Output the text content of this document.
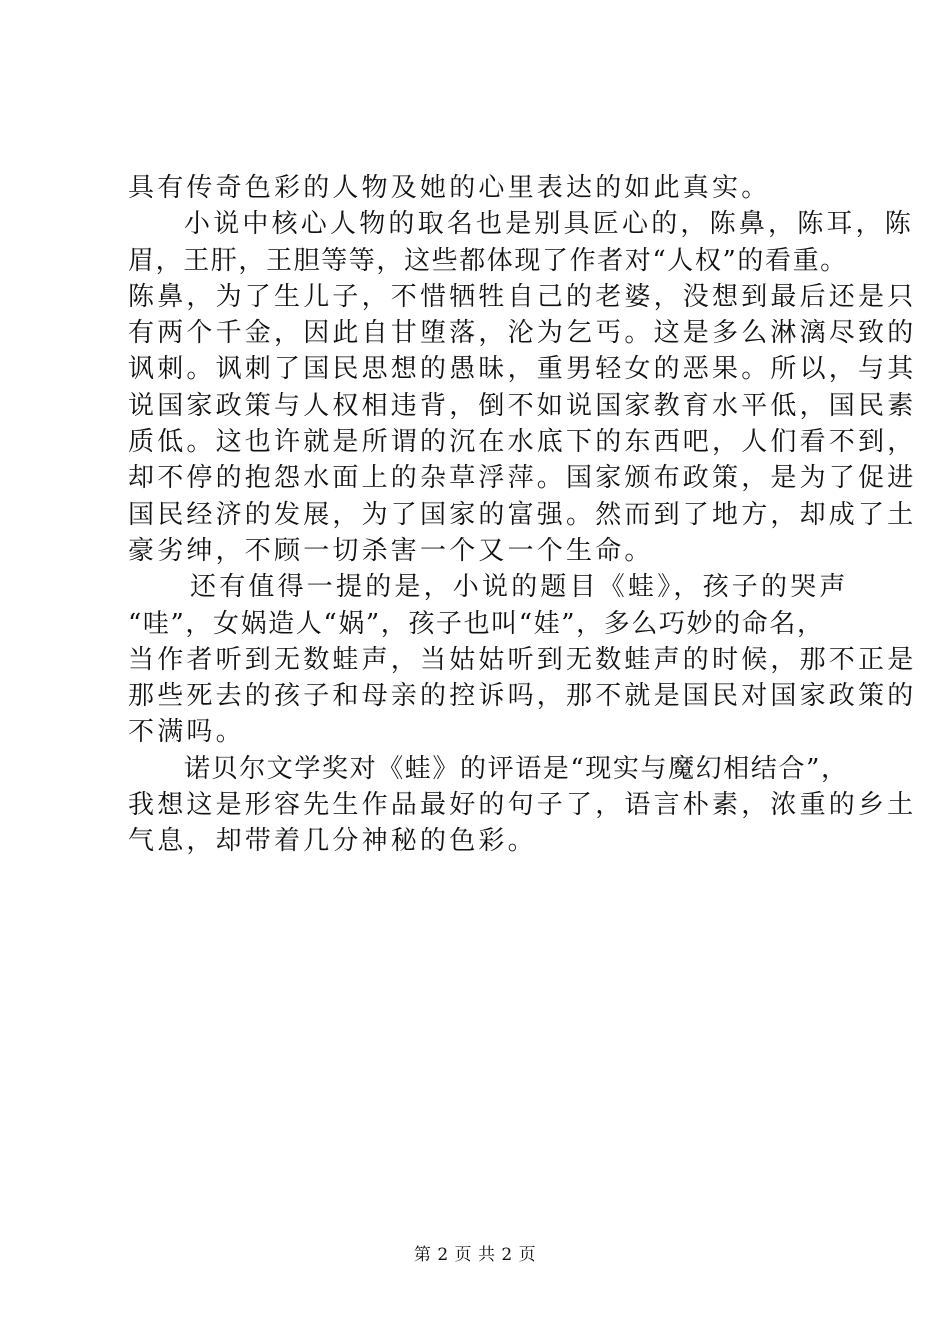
具有传奇色彩的人物及她的心里表达的如此真实。
小说中核心人物的取名也是别具匠心的，陈鼻，陈耳，陈
眉，王肝，王胆等等，这些都体现了作者对“人权”的看重。
陈鼻，为了生儿子，不惜牺牲自己的老婆，没想到最后还是只
有两个千金，因此自甘堕落，沦为乞丐。这是多么淋漓尽致的
讽刺。讽刺了国民思想的愚昧，重男轻女的恶果。所以，与其
说国家政策与人权相违背，倒不如说国家教育水平低，国民素
质低。这也许就是所谓的沉在水底下的东西吧，人们看不到，
却不停的抱怨水面上的杂草浮萍。国家颁布政策，是为了促进
国民经济的发展，为了国家的富强。然而到了地方，却成了土
豪劣绅，不顾一切杀害一个又一个生命。
还有值得一提的是，小说的题目《蛙》，孩子的哭声
“哇”，女娲造人“娲”，孩子也叫“娃”，多么巧妙的命名，
当作者听到无数蛙声，当姑姑听到无数蛙声的时候，那不正是
那些死去的孩子和母亲的控诉吗，那不就是国民对国家政策的
不满吗。
诺贝尔文学奖对《蛙》的评语是“现实与魔幻相结合”，
我想这是形容先生作品最好的句子了，语言朴素，浓重的乡土
气息，却带着几分神秘的色彩。
第 2 页 共 2 页
